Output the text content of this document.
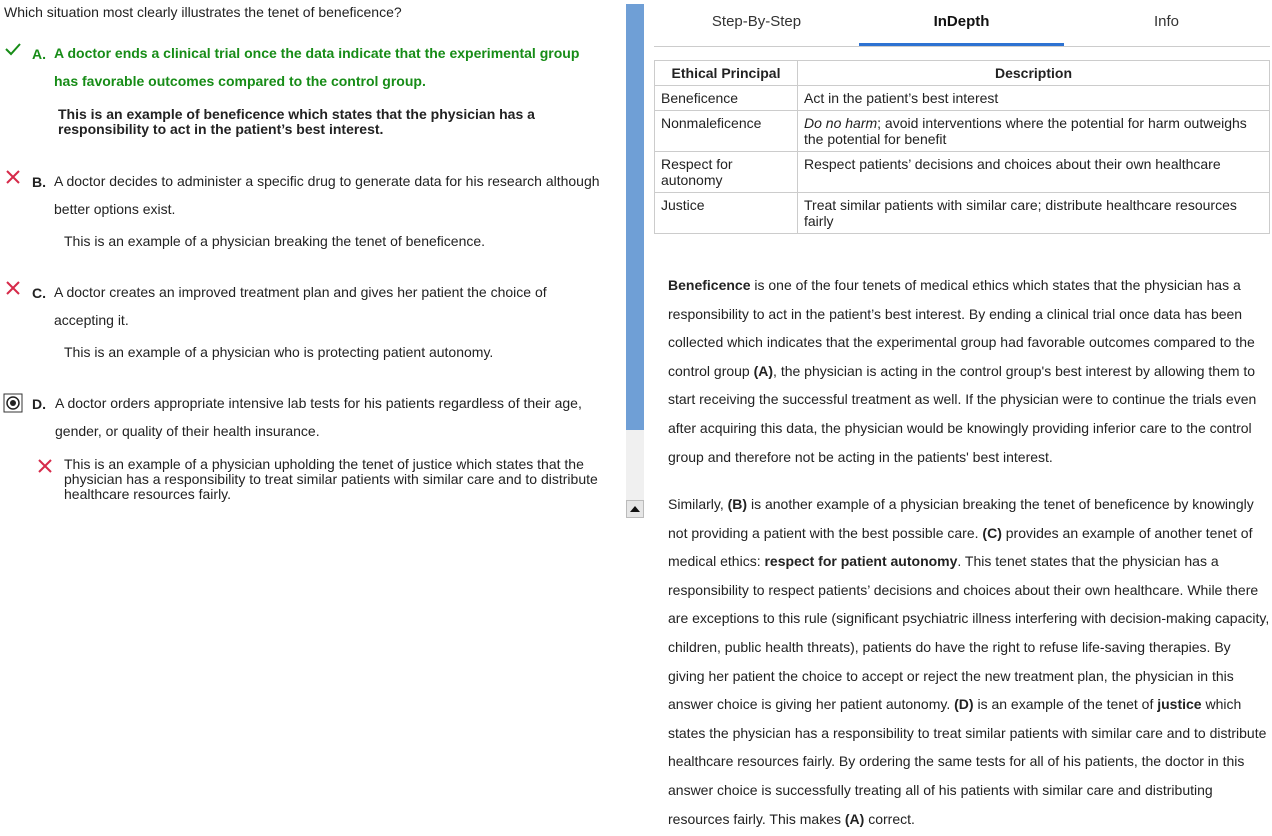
Which situation most clearly illustrates the tenet of beneficence?
A. A doctor ends a clinical trial once the data indicate that the experimental group
has favorable outcomes compared to the control group.
This is an example of beneficence which states that the physician has a responsibility to act in the patient’s best interest.
B. A doctor decides to administer a specific drug to generate data for his research although
better options exist.
This is an example of a physician breaking the tenet of beneficence.
C. A doctor creates an improved treatment plan and gives her patient the choice of
accepting it.
This is an example of a physician who is protecting patient autonomy.
D. A doctor orders appropriate intensive lab tests for his patients regardless of their age,
gender, or quality of their health insurance.
This is an example of a physician upholding the tenet of justice which states that the physician has a responsibility to treat similar patients with similar care and to distribute healthcare resources fairly.
Step-By-Step	InDepth	Info
Ethical Principal	Description
Beneficence	Act in the patient’s best interest
Nonmaleficence	Do no harm; avoid interventions where the potential for harm outweighs the potential for benefit
Respect for autonomy	Respect patients’ decisions and choices about their own healthcare
Justice	Treat similar patients with similar care; distribute healthcare resources fairly
Beneficence is one of the four tenets of medical ethics which states that the physician has a responsibility to act in the patient’s best interest. By ending a clinical trial once data has been collected which indicates that the experimental group had favorable outcomes compared to the control group (A), the physician is acting in the control group's best interest by allowing them to start receiving the successful treatment as well. If the physician were to continue the trials even after acquiring this data, the physician would be knowingly providing inferior care to the control group and therefore not be acting in the patients' best interest.
Similarly, (B) is another example of a physician breaking the tenet of beneficence by knowingly not providing a patient with the best possible care. (C) provides an example of another tenet of medical ethics: respect for patient autonomy. This tenet states that the physician has a responsibility to respect patients’ decisions and choices about their own healthcare. While there are exceptions to this rule (significant psychiatric illness interfering with decision-making capacity, children, public health threats), patients do have the right to refuse life-saving therapies. By giving her patient the choice to accept or reject the new treatment plan, the physician in this answer choice is giving her patient autonomy. (D) is an example of the tenet of justice which states the physician has a responsibility to treat similar patients with similar care and to distribute healthcare resources fairly. By ordering the same tests for all of his patients, the doctor in this answer choice is successfully treating all of his patients with similar care and distributing resources fairly. This makes (A) correct.
